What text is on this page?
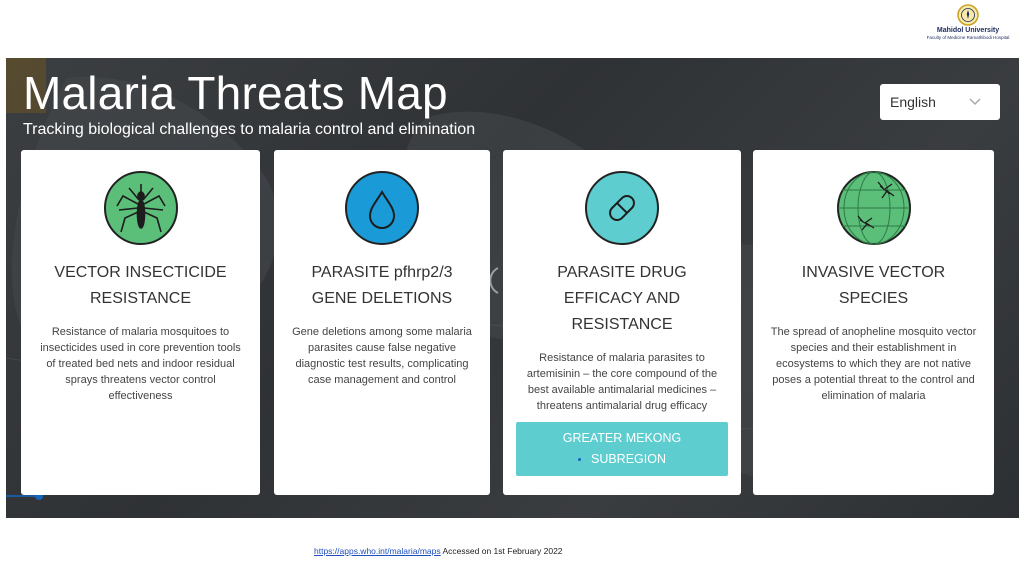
Mahidol University
Faculty of Medicine Ramathibodi Hospital
Malaria Threats Map
Tracking biological challenges to malaria control and elimination
English
VECTOR INSECTICIDE
RESISTANCE
Resistance of malaria mosquitoes to insecticides used in core prevention tools of treated bed nets and indoor residual sprays threatens vector control effectiveness
PARASITE pfhrp2/3
GENE DELETIONS
Gene deletions among some malaria parasites cause false negative diagnostic test results, complicating case management and control
PARASITE DRUG
EFFICACY AND
RESISTANCE
Resistance of malaria parasites to artemisinin – the core compound of the best available antimalarial medicines – threatens antimalarial drug efficacy
GREATER MEKONG
SUBREGION
INVASIVE VECTOR
SPECIES
The spread of anopheline mosquito vector species and their establishment in ecosystems to which they are not native poses a potential threat to the control and elimination of malaria
https://apps.who.int/malaria/maps Accessed on 1st February 2022
